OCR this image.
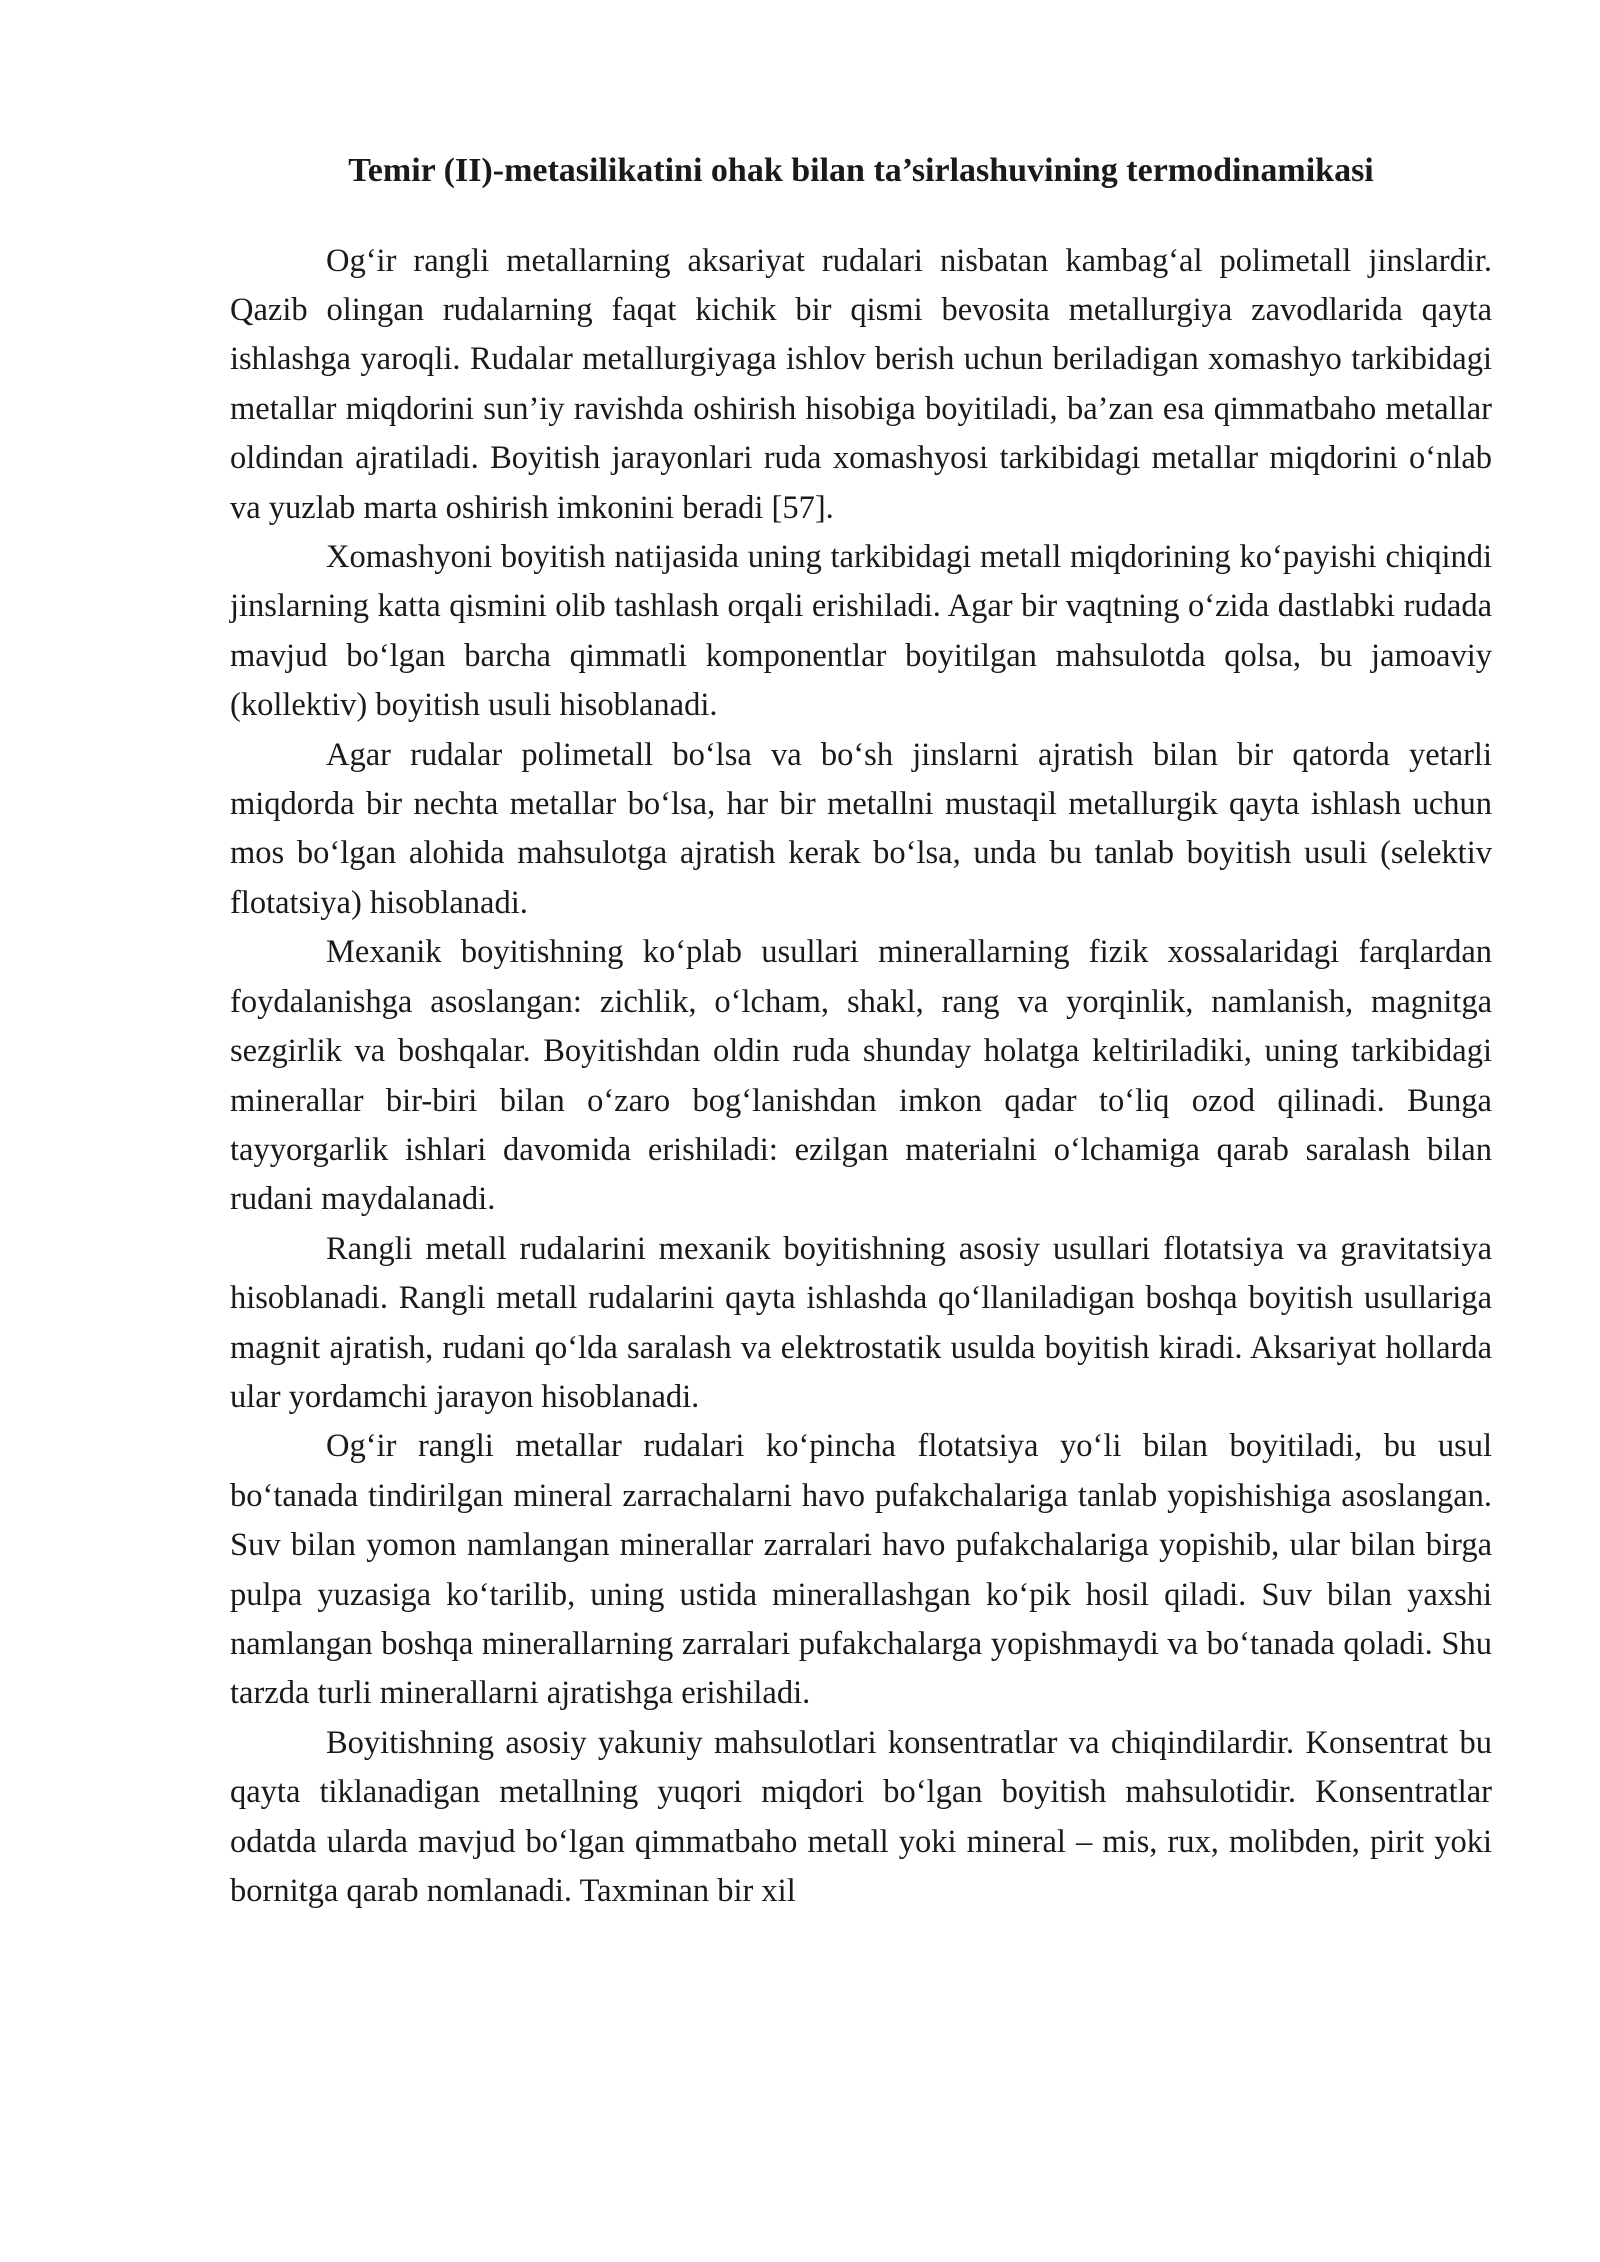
Temir (II)-metasilikatini ohak bilan ta’sirlashuvining termodinamikasi

Og‘ir rangli metallarning aksariyat rudalari nisbatan kambag‘al polimetall jinslardir. Qazib olingan rudalarning faqat kichik bir qismi bevosita metallurgiya zavodlarida qayta ishlashga yaroqli. Rudalar metallurgiyaga ishlov berish uchun beriladigan xomashyo tarkibidagi metallar miqdorini sun’iy ravishda oshirish hisobiga boyitiladi, ba’zan esa qimmatbaho metallar oldindan ajratiladi. Boyitish jarayonlari ruda xomashyosi tarkibidagi metallar miqdorini o‘nlab va yuzlab marta oshirish imkonini beradi [57].

Xomashyoni boyitish natijasida uning tarkibidagi metall miqdorining ko‘payishi chiqindi jinslarning katta qismini olib tashlash orqali erishiladi. Agar bir vaqtning o‘zida dastlabki rudada mavjud bo‘lgan barcha qimmatli komponentlar boyitilgan mahsulotda qolsa, bu jamoaviy (kollektiv) boyitish usuli hisoblanadi.

Agar rudalar polimetall bo‘lsa va bo‘sh jinslarni ajratish bilan bir qatorda yetarli miqdorda bir nechta metallar bo‘lsa, har bir metallni mustaqil metallurgik qayta ishlash uchun mos bo‘lgan alohida mahsulotga ajratish kerak bo‘lsa, unda bu tanlab boyitish usuli (selektiv flotatsiya) hisoblanadi.

Mexanik boyitishning ko‘plab usullari minerallarning fizik xossalaridagi farqlardan foydalanishga asoslangan: zichlik, o‘lcham, shakl, rang va yorqinlik, namlanish, magnitga sezgirlik va boshqalar. Boyitishdan oldin ruda shunday holatga keltiriladiki, uning tarkibidagi minerallar bir-biri bilan o‘zaro bog‘lanishdan imkon qadar to‘liq ozod qilinadi. Bunga tayyorgarlik ishlari davomida erishiladi: ezilgan materialni o‘lchamiga qarab saralash bilan rudani maydalanadi.

Rangli metall rudalarini mexanik boyitishning asosiy usullari flotatsiya va gravitatsiya hisoblanadi. Rangli metall rudalarini qayta ishlashda qo‘llaniladigan boshqa boyitish usullariga magnit ajratish, rudani qo‘lda saralash va elektrostatik usulda boyitish kiradi. Aksariyat hollarda ular yordamchi jarayon hisoblanadi.

Og‘ir rangli metallar rudalari ko‘pincha flotatsiya yo‘li bilan boyitiladi, bu usul bo‘tanada tindirilgan mineral zarrachalarni havo pufakchalariga tanlab yopishishiga asoslangan. Suv bilan yomon namlangan minerallar zarralari havo pufakchalariga yopishib, ular bilan birga pulpa yuzasiga ko‘tarilib, uning ustida minerallashgan ko‘pik hosil qiladi. Suv bilan yaxshi namlangan boshqa minerallarning zarralari pufakchalarga yopishmaydi va bo‘tanada qoladi. Shu tarzda turli minerallarni ajratishga erishiladi.

Boyitishning asosiy yakuniy mahsulotlari konsentratlar va chiqindilardir. Konsentrat bu qayta tiklanadigan metallning yuqori miqdori bo‘lgan boyitish mahsulotidir. Konsentratlar odatda ularda mavjud bo‘lgan qimmatbaho metall yoki mineral – mis, rux, molibden, pirit yoki bornitga qarab nomlanadi. Taxminan bir xil
